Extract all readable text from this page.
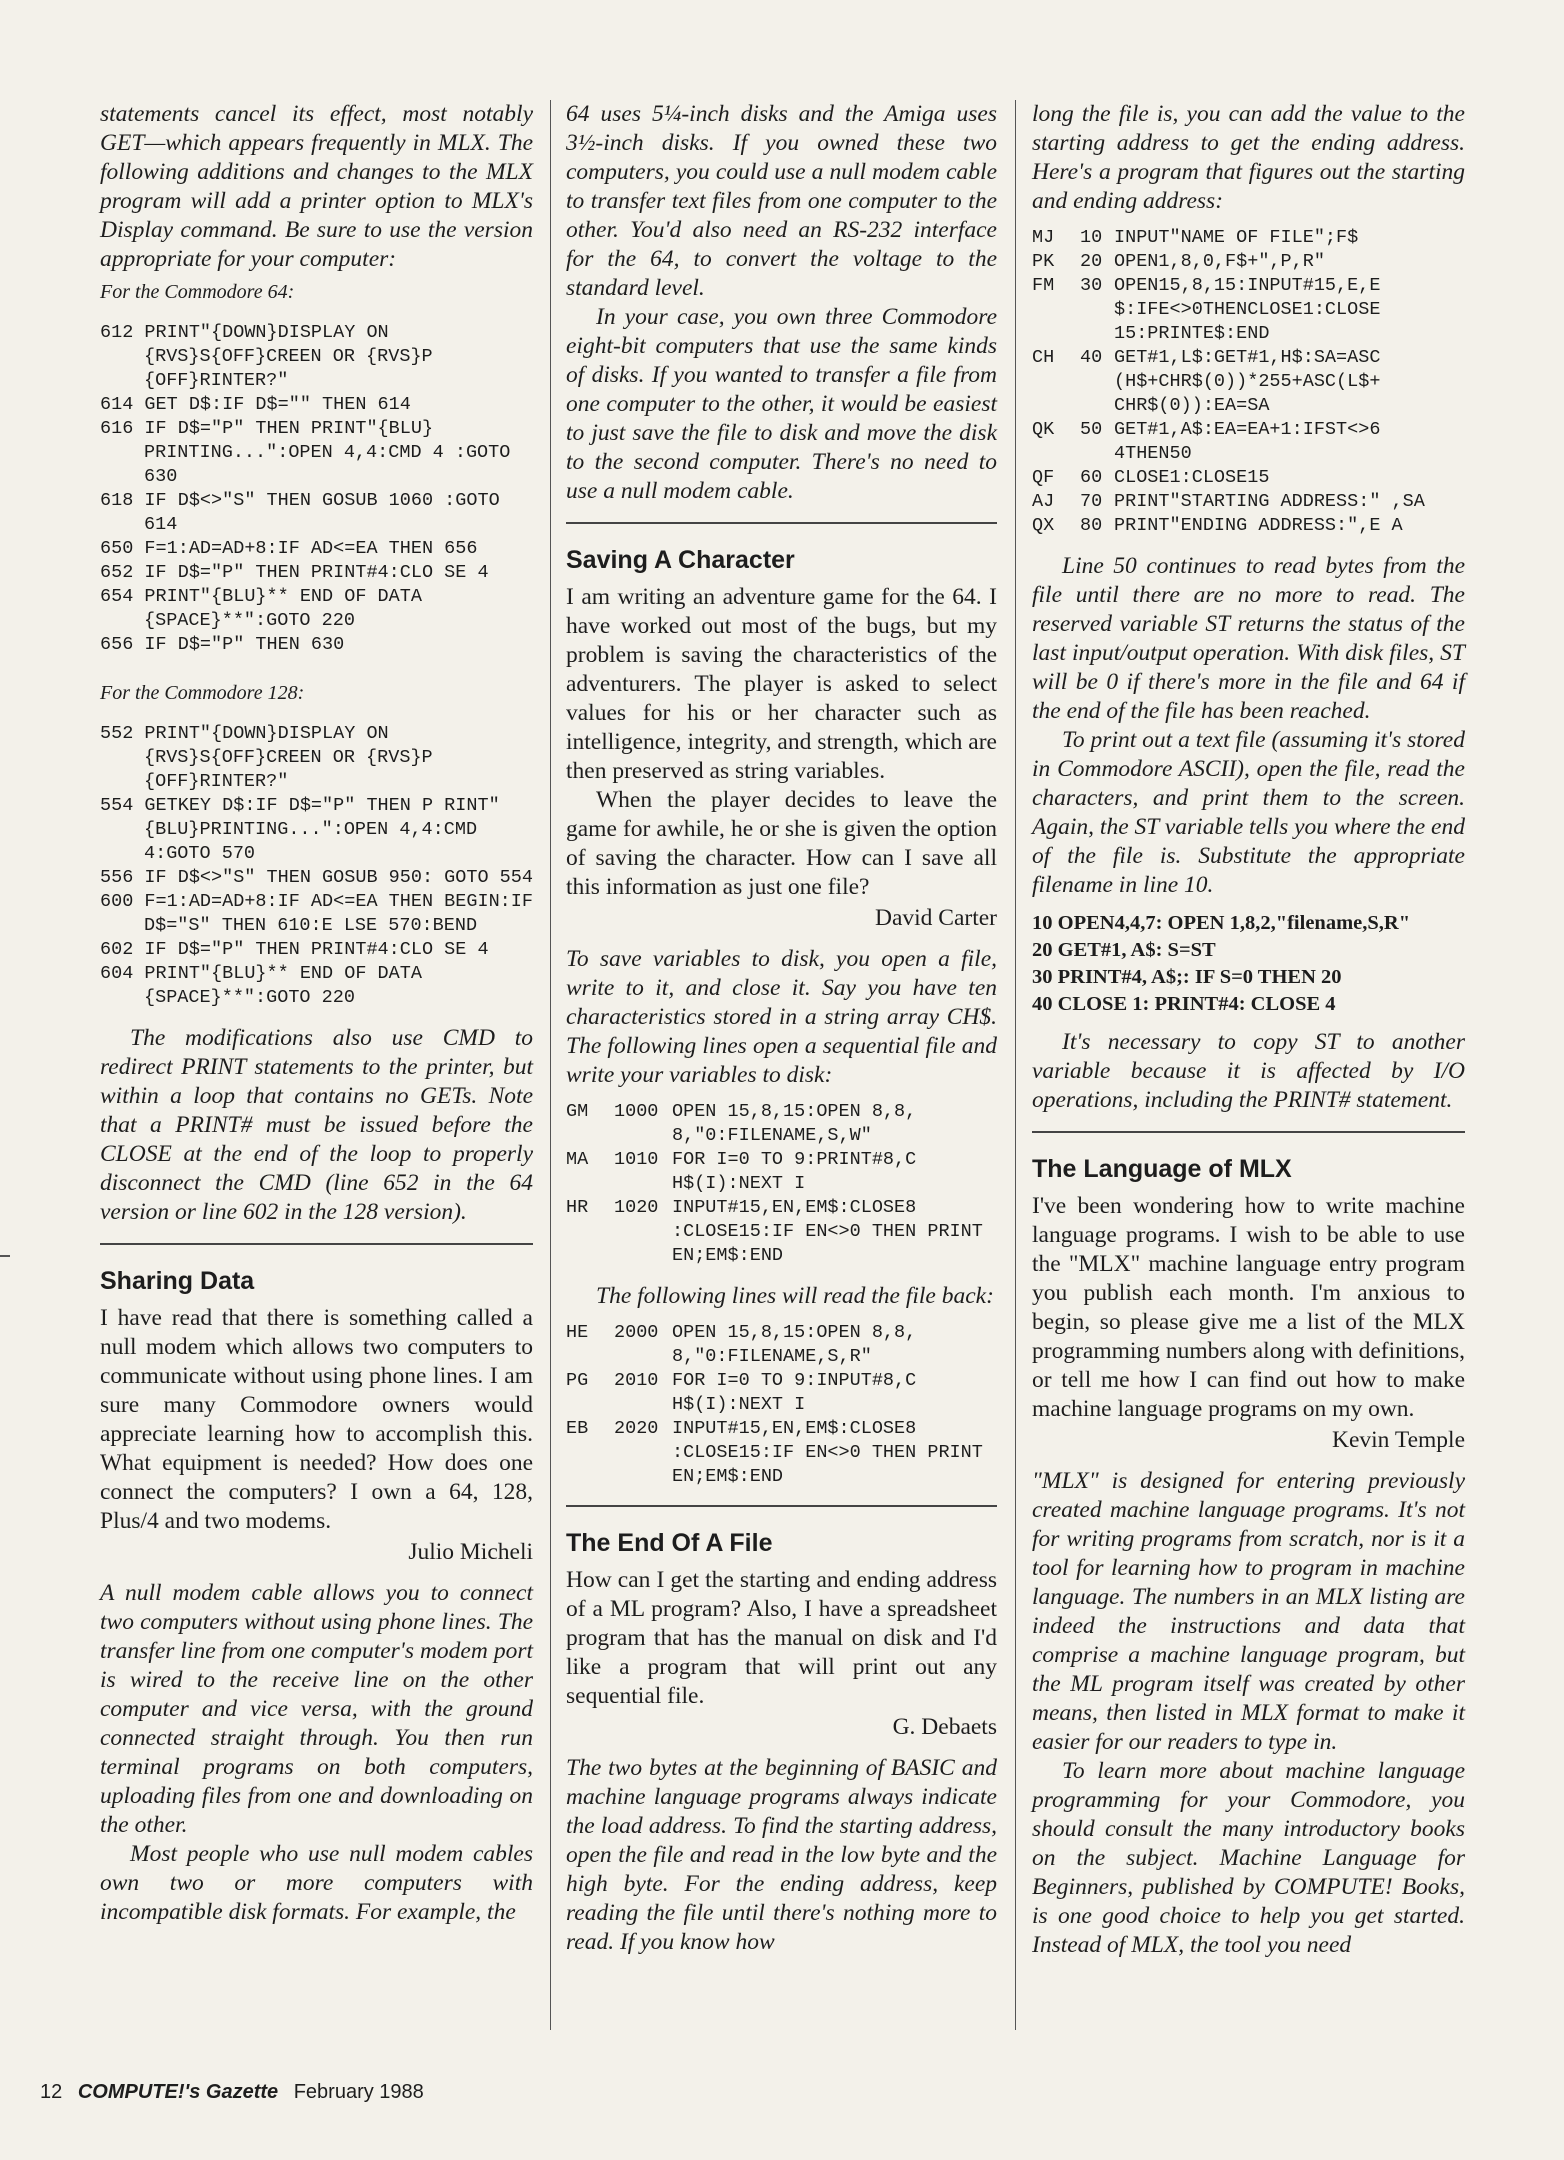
statements cancel its effect, most notably GET—which appears frequently in MLX. The following additions and changes to the MLX program will add a printer option to MLX's Display command. Be sure to use the version appropriate for your computer:

For the Commodore 64:
612 PRINT"{DOWN}DISPLAY ON {RVS}S{OFF}CREEN OR {RVS}P {OFF}RINTER?"
614 GET D$:IF D$="" THEN 614
616 IF D$="P" THEN PRINT"{BLU} PRINTING...":OPEN 4,4:CMD 4 :GOTO 630
618 IF D$<>"S" THEN GOSUB 1060 :GOTO 614
650 F=1:AD=AD+8:IF AD<=EA THEN 656
652 IF D$="P" THEN PRINT#4:CLO SE 4
654 PRINT"{BLU}** END OF DATA {SPACE}**":GOTO 220
656 IF D$="P" THEN 630
For the Commodore 128:
552 PRINT"{DOWN}DISPLAY ON {RVS}S{OFF}CREEN OR {RVS}P {OFF}RINTER?"
554 GETKEY D$:IF D$="P" THEN P RINT"{BLU}PRINTING...":OPEN 4,4:CMD 4:GOTO 570
556 IF D$<>"S" THEN GOSUB 950: GOTO 554
600 F=1:AD=AD+8:IF AD<=EA THEN BEGIN:IF D$="S" THEN 610:E LSE 570:BEND
602 IF D$="P" THEN PRINT#4:CLO SE 4
604 PRINT"{BLU}** END OF DATA {SPACE}**":GOTO 220

The modifications also use CMD to redirect PRINT statements to the printer, but within a loop that contains no GETs. Note that a PRINT# must be issued before the CLOSE at the end of the loop to properly disconnect the CMD (line 652 in the 64 version or line 602 in the 128 version).

Sharing Data

I have read that there is something called a null modem which allows two computers to communicate without using phone lines. I am sure many Commodore owners would appreciate learning how to accomplish this. What equipment is needed? How does one connect the computers? I own a 64, 128, Plus/4 and two modems.

Julio Micheli

A null modem cable allows you to connect two computers without using phone lines. The transfer line from one computer's modem port is wired to the receive line on the other computer and vice versa, with the ground connected straight through. You then run terminal programs on both computers, uploading files from one and downloading on the other.

Most people who use null modem cables own two or more computers with incompatible disk formats. For example, the

64 uses 5¼-inch disks and the Amiga uses 3½-inch disks. If you owned these two computers, you could use a null modem cable to transfer text files from one computer to the other. You'd also need an RS-232 interface for the 64, to convert the voltage to the standard level.

In your case, you own three Commodore eight-bit computers that use the same kinds of disks. If you wanted to transfer a file from one computer to the other, it would be easiest to just save the file to disk and move the disk to the second computer. There's no need to use a null modem cable.

Saving A Character

I am writing an adventure game for the 64. I have worked out most of the bugs, but my problem is saving the characteristics of the adventurers. The player is asked to select values for his or her character such as intelligence, integrity, and strength, which are then preserved as string variables.

When the player decides to leave the game for awhile, he or she is given the option of saving the character. How can I save all this information as just one file?

David Carter

To save variables to disk, you open a file, write to it, and close it. Say you have ten characteristics stored in a string array CH$. The following lines open a sequential file and write your variables to disk:

GM	1000 OPEN 15,8,15:OPEN 8,8, 8,"0:FILENAME,S,W"
MA	1010 FOR I=0 TO 9:PRINT#8,C H$(I):NEXT I
HR	1020 INPUT#15,EN,EM$:CLOSE8 :CLOSE15:IF EN<>0 THEN PRINT EN;EM$:END

The following lines will read the file back:

HE	2000 OPEN 15,8,15:OPEN 8,8, 8,"0:FILENAME,S,R"
PG	2010 FOR I=0 TO 9:INPUT#8,C H$(I):NEXT I
EB	2020 INPUT#15,EN,EM$:CLOSE8 :CLOSE15:IF EN<>0 THEN PRINT EN;EM$:END
The End Of A File

How can I get the starting and ending address of a ML program? Also, I have a spreadsheet program that has the manual on disk and I'd like a program that will print out any sequential file.

G. Debaets

The two bytes at the beginning of BASIC and machine language programs always indicate the load address. To find the starting address, open the file and read in the low byte and the high byte. For the ending address, keep reading the file until there's nothing more to read. If you know how

long the file is, you can add the value to the starting address to get the ending address. Here's a program that figures out the starting and ending address:

MJ	10 INPUT"NAME OF FILE";F$
PK	20 OPEN1,8,0,F$+",P,R"
FM	30 OPEN15,8,15:INPUT#15,E,E $:IFE<>0THENCLOSE1:CLOSE 15:PRINTE$:END
CH	40 GET#1,L$:GET#1,H$:SA=ASC (H$+CHR$(0))*255+ASC(L$+ CHR$(0)):EA=SA
QK	50 GET#1,A$:EA=EA+1:IFST<>6 4THEN50
QF	60 CLOSE1:CLOSE15
AJ	70 PRINT"STARTING ADDRESS:" ,SA
QX	80 PRINT"ENDING ADDRESS:",E A

Line 50 continues to read bytes from the file until there are no more to read. The reserved variable ST returns the status of the last input/output operation. With disk files, ST will be 0 if there's more in the file and 64 if the end of the file has been reached.

To print out a text file (assuming it's stored in Commodore ASCII), open the file, read the characters, and print them to the screen. Again, the ST variable tells you where the end of the file is. Substitute the appropriate filename in line 10.

10 OPEN4,4,7: OPEN 1,8,2,"filename,S,R"
20 GET#1, A$: S=ST
30 PRINT#4, A$;: IF S=0 THEN 20
40 CLOSE 1: PRINT#4: CLOSE 4

It's necessary to copy ST to another variable because it is affected by I/O operations, including the PRINT# statement.

The Language of MLX

I've been wondering how to write machine language programs. I wish to be able to use the "MLX" machine language entry program you publish each month. I'm anxious to begin, so please give me a list of the MLX programming numbers along with definitions, or tell me how I can find out how to make machine language programs on my own.

Kevin Temple

"MLX" is designed for entering previously created machine language programs. It's not for writing programs from scratch, nor is it a tool for learning how to program in machine language. The numbers in an MLX listing are indeed the instructions and data that comprise a machine language program, but the ML program itself was created by other means, then listed in MLX format to make it easier for our readers to type in.

To learn more about machine language programming for your Commodore, you should consult the many introductory books on the subject. Machine Language for Beginners, published by COMPUTE! Books, is one good choice to help you get started. Instead of MLX, the tool you need

12 COMPUTE!'s Gazette February 1988
